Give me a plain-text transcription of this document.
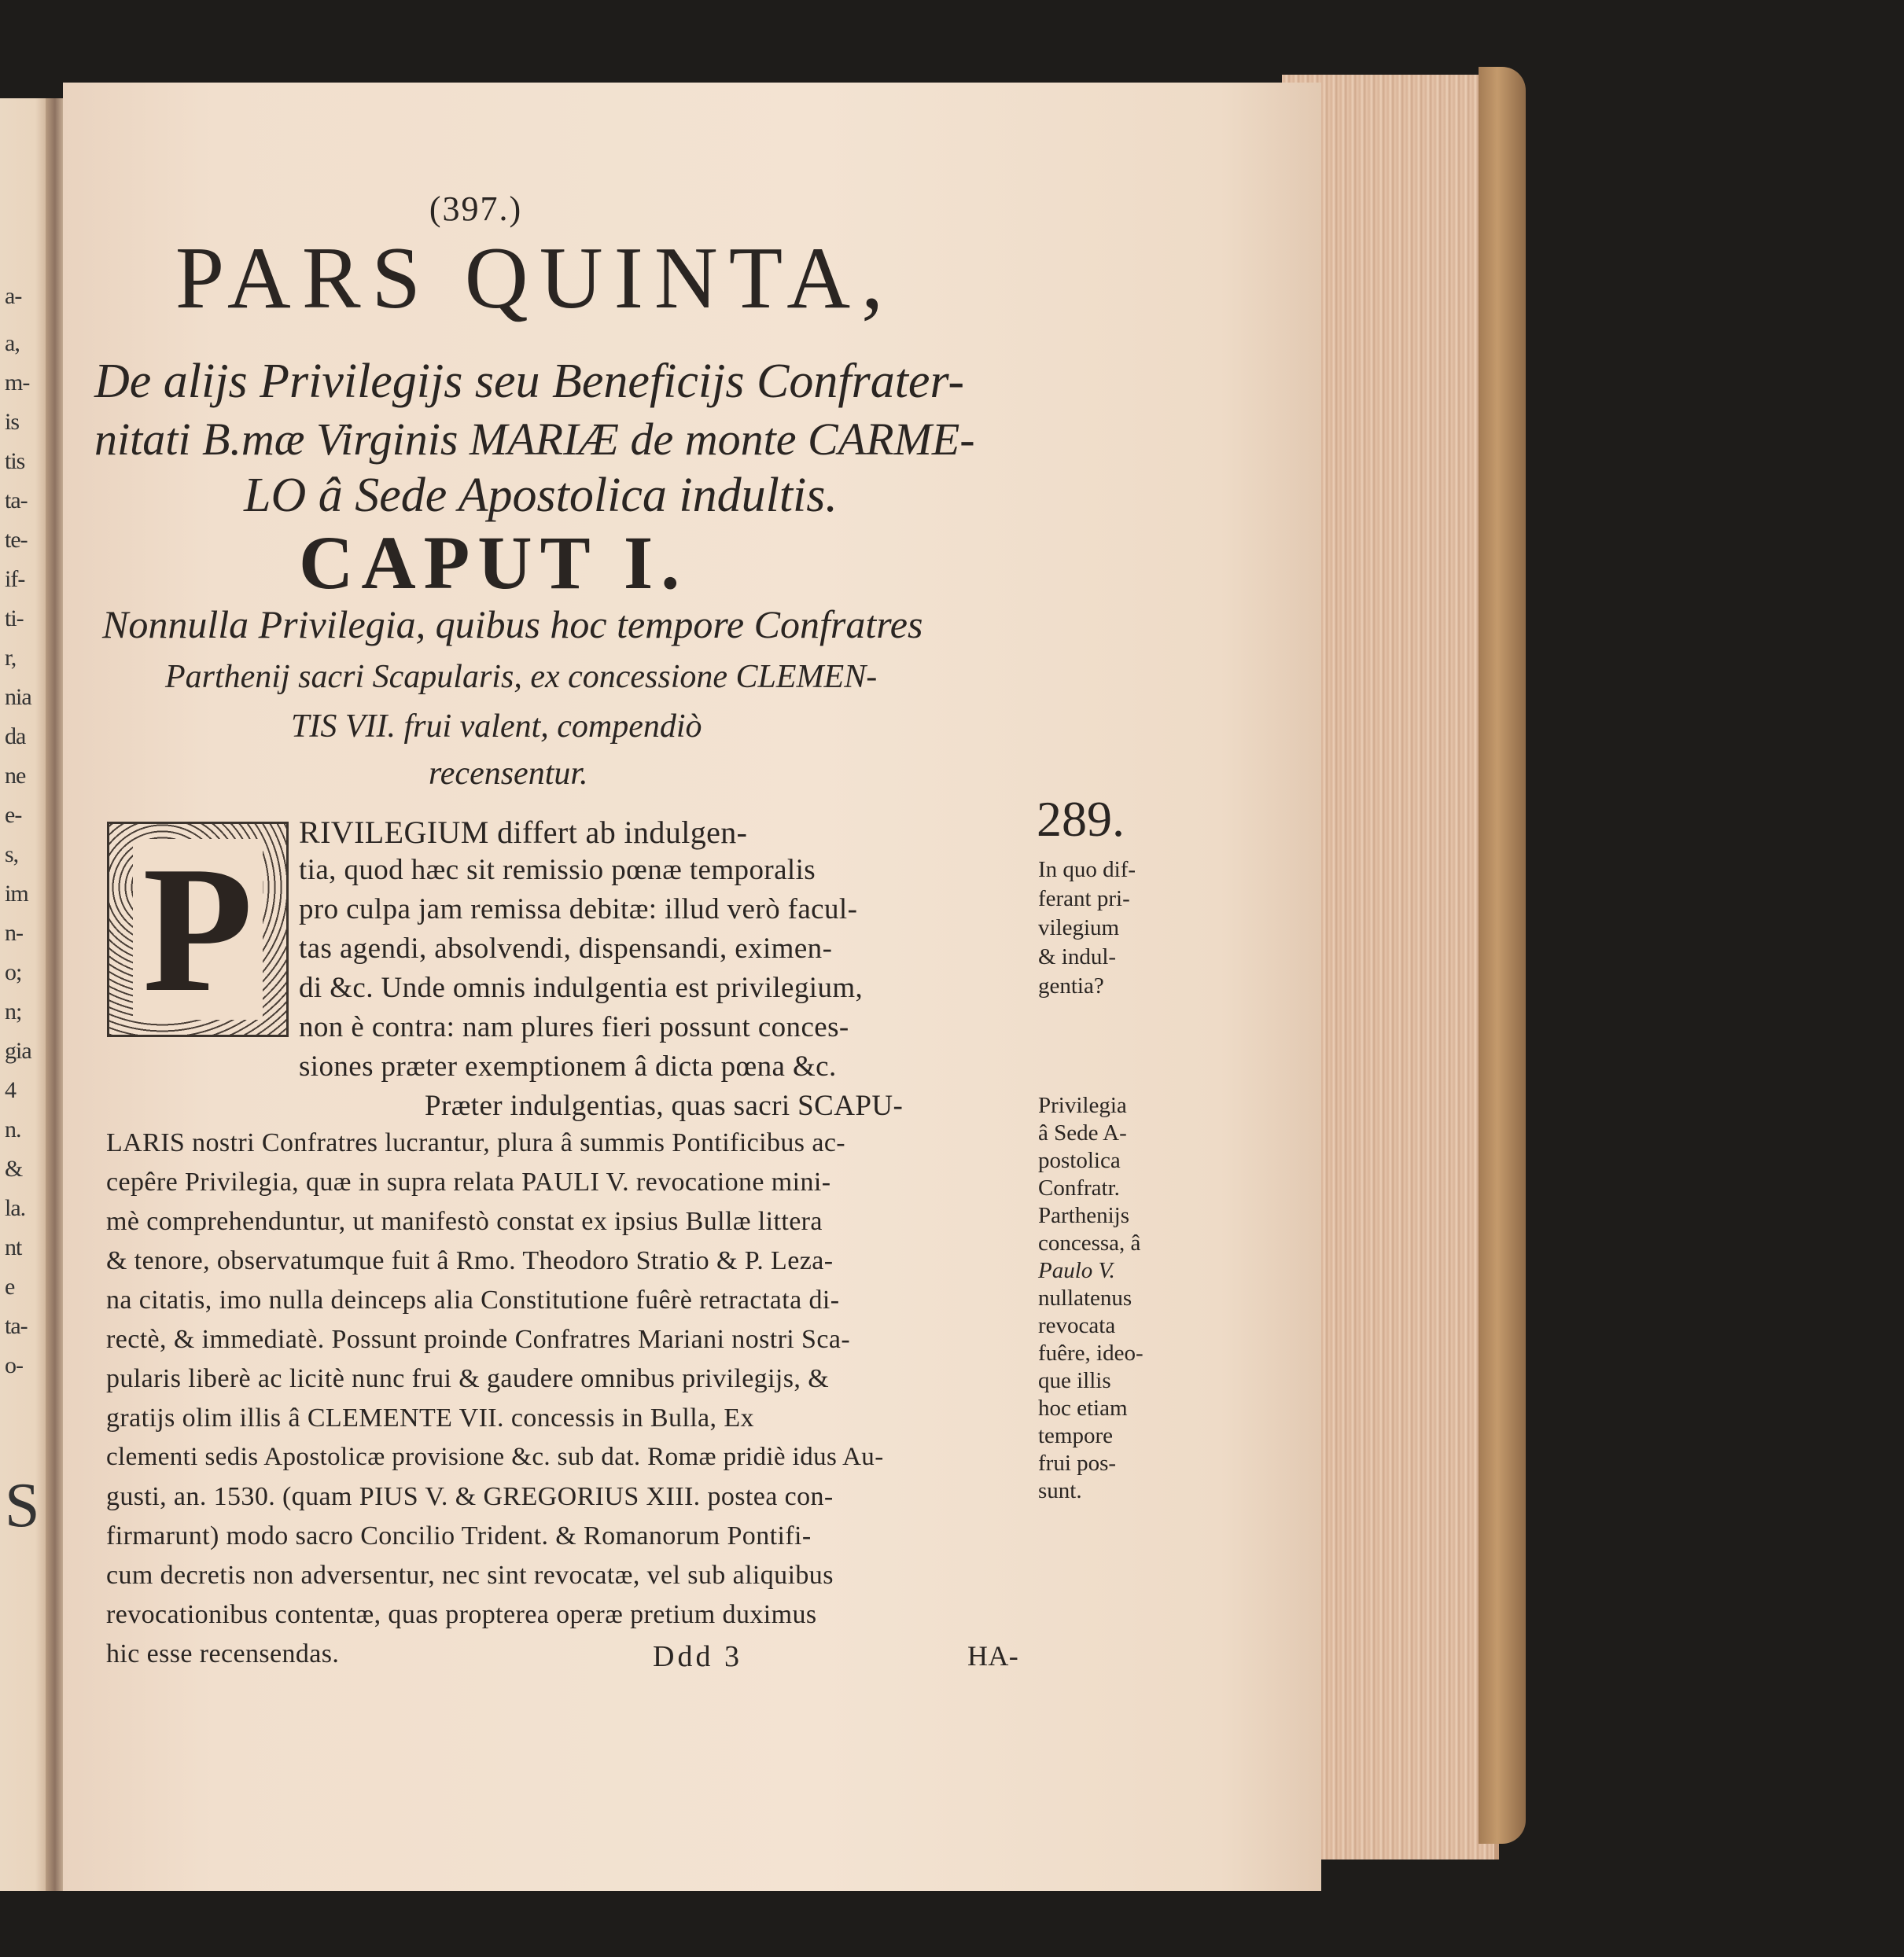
a-
a,
m-
is
tis
ta-
te-
if-
ti-
r,
nia
da
ne
e-
s,
im
n-
o;
n;
gia
4
n.
&
la.
nt
e
ta-
o-
S
(397.)
PARS QUINTA,
De alijs Privilegijs seu Beneficijs Confrater-
nitati B.mæ Virginis MARIÆ de monte CARME-
LO â Sede Apostolica indultis.
CAPUT I.
Nonnulla Privilegia, quibus hoc tempore Confratres
Parthenij sacri Scapularis, ex concessione CLEMEN-
TIS VII. frui valent, compendiò
recensentur.
P
289.
RIVILEGIUM differt ab indulgen-
tia, quod hæc sit remissio pœnæ temporalis
pro culpa jam remissa debitæ: illud verò facul-
tas agendi, absolvendi, dispensandi, eximen-
di &c. Unde omnis indulgentia est privilegium,
non è contra: nam plures fieri possunt conces-
siones præter exemptionem â dicta pœna &c.
Præter indulgentias, quas sacri SCAPU-
LARIS nostri Confratres lucrantur, plura â summis Pontificibus ac-
cepêre Privilegia, quæ in supra relata PAULI V. revocatione mini-
mè comprehenduntur, ut manifestò constat ex ipsius Bullæ littera
& tenore, observatumque fuit â Rmo. Theodoro Stratio & P. Leza-
na citatis, imo nulla deinceps alia Constitutione fuêrè retractata di-
rectè, & immediatè. Possunt proinde Confratres Mariani nostri Sca-
pularis liberè ac licitè nunc frui & gaudere omnibus privilegijs, &
gratijs olim illis â CLEMENTE VII. concessis in Bulla, Ex
clementi sedis Apostolicæ provisione &c. sub dat. Romæ pridiè idus Au-
gusti, an. 1530. (quam PIUS V. & GREGORIUS XIII. postea con-
firmarunt) modo sacro Concilio Trident. & Romanorum Pontifi-
cum decretis non adversentur, nec sint revocatæ, vel sub aliquibus
revocationibus contentæ, quas propterea operæ pretium duximus
hic esse recensendas.	Ddd 3	HA-
In quo dif-
ferant pri-
vilegium
& indul-
gentia?
Privilegia
â Sede A-
postolica
Confratr.
Parthenijs
concessa, â
Paulo V.
nullatenus
revocata
fuêre, ideo-
que illis
hoc etiam
tempore
frui pos-
sunt.
